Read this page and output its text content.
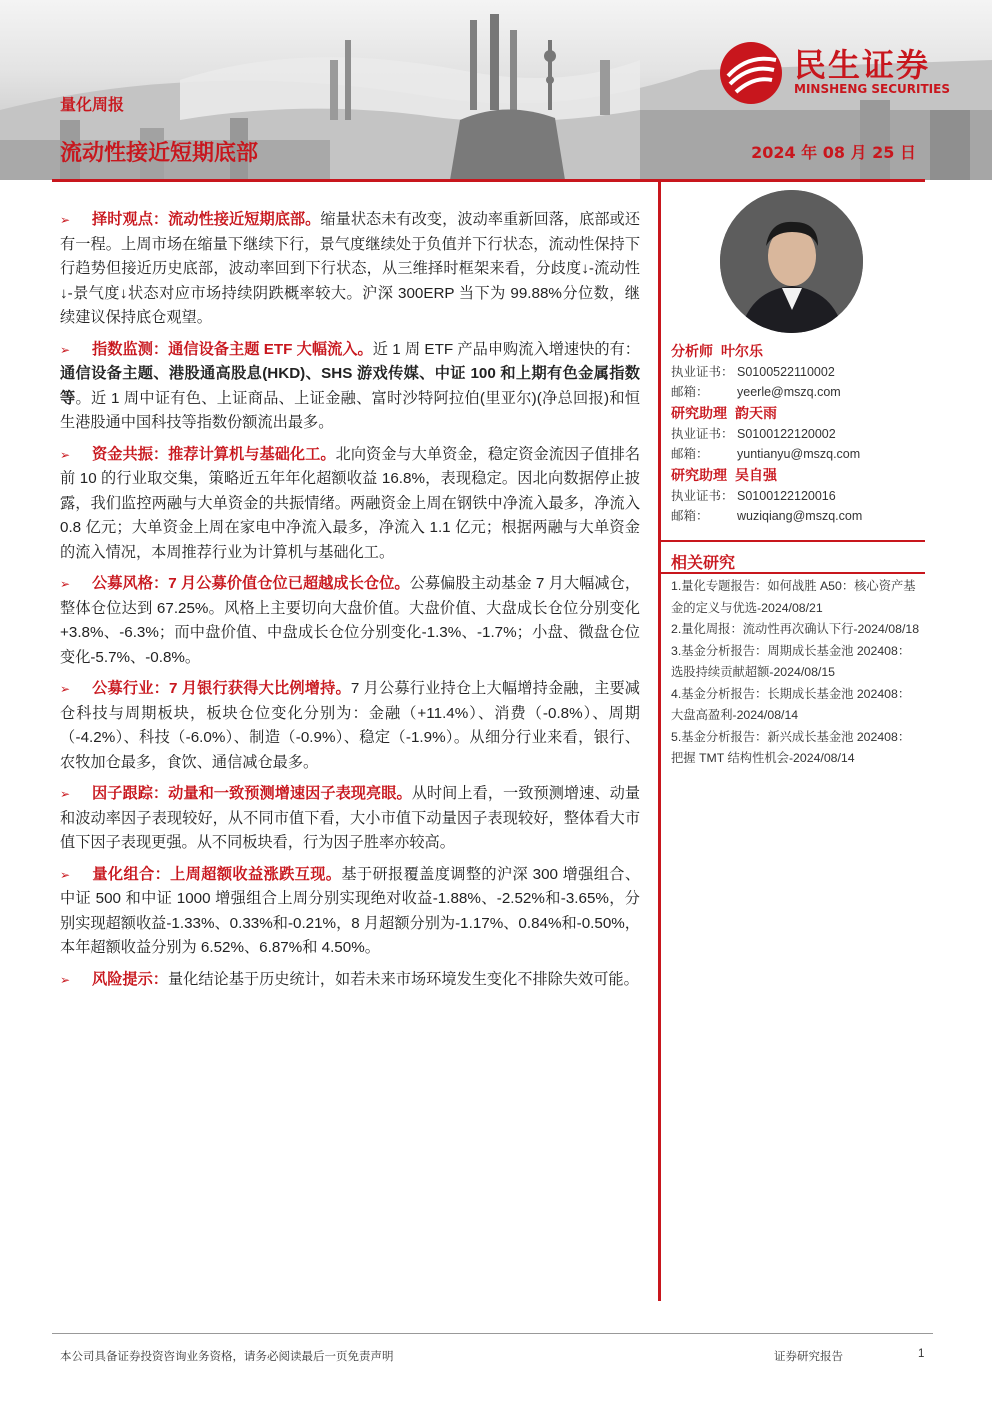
量化周报
流动性接近短期底部	2024 年 08 月 25 日
民生证券
MINSHENG SECURITIES

➢ 择时观点：流动性接近短期底部。缩量状态未有改变，波动率重新回落，底部或还有一程。上周市场在缩量下继续下行，景气度继续处于负值并下行状态，流动性保持下行趋势但接近历史底部，波动率回到下行状态，从三维择时框架来看，分歧度↓-流动性↓-景气度↓状态对应市场持续阴跌概率较大。沪深 300ERP 当下为 99.88%分位数，继续建议保持底仓观望。

➢ 指数监测：通信设备主题 ETF 大幅流入。近 1 周 ETF 产品申购流入增速快的有：通信设备主题、港股通高股息(HKD)、SHS 游戏传媒、中证 100 和上期有色金属指数等。近 1 周中证有色、上证商品、上证金融、富时沙特阿拉伯(里亚尔)(净总回报)和恒生港股通中国科技等指数份额流出最多。

➢ 资金共振：推荐计算机与基础化工。北向资金与大单资金，稳定资金流因子值排名前 10 的行业取交集，策略近五年年化超额收益 16.8%，表现稳定。因北向数据停止披露，我们监控两融与大单资金的共振情绪。两融资金上周在钢铁中净流入最多，净流入 0.8 亿元；大单资金上周在家电中净流入最多，净流入 1.1 亿元；根据两融与大单资金的流入情况，本周推荐行业为计算机与基础化工。

➢ 公募风格：7 月公募价值仓位已超越成长仓位。公募偏股主动基金 7 月大幅减仓，整体仓位达到 67.25%。风格上主要切向大盘价值。大盘价值、大盘成长仓位分别变化+3.8%、-6.3%；而中盘价值、中盘成长仓位分别变化-1.3%、-1.7%；小盘、微盘仓位变化-5.7%、-0.8%。

➢ 公募行业：7 月银行获得大比例增持。7 月公募行业持仓上大幅增持金融，主要减仓科技与周期板块，板块仓位变化分别为：金融（+11.4%）、消费（-0.8%）、周期（-4.2%）、科技（-6.0%）、制造（-0.9%）、稳定（-1.9%）。从细分行业来看，银行、农牧加仓最多，食饮、通信减仓最多。

➢ 因子跟踪：动量和一致预测增速因子表现亮眼。从时间上看，一致预测增速、动量和波动率因子表现较好，从不同市值下看，大小市值下动量因子表现较好，整体看大市值下因子表现更强。从不同板块看，行为因子胜率亦较高。

➢ 量化组合：上周超额收益涨跌互现。基于研报覆盖度调整的沪深 300 增强组合、中证 500 和中证 1000 增强组合上周分别实现绝对收益-1.88%、-2.52%和-3.65%，分别实现超额收益-1.33%、0.33%和-0.21%，8 月超额分别为-1.17%、0.84%和-0.50%，本年超额收益分别为 6.52%、6.87%和 4.50%。

➢ 风险提示：量化结论基于历史统计，如若未来市场环境发生变化不排除失效可能。

分析师 叶尔乐
执业证书： S0100522110002
邮箱： yeerle@mszq.com
研究助理 韵天雨
执业证书： S0100122120002
邮箱： yuntianyu@mszq.com
研究助理 吴自强
执业证书： S0100122120016
邮箱： wuziqiang@mszq.com
相关研究
1.量化专题报告：如何战胜 A50：核心资产基金的定义与优选-2024/08/21
2.量化周报：流动性再次确认下行-2024/08/18
3.基金分析报告：周期成长基金池 202408：选股持续贡献超额-2024/08/15
4.基金分析报告：长期成长基金池 202408：大盘高盈利-2024/08/14
5.基金分析报告：新兴成长基金池 202408：把握 TMT 结构性机会-2024/08/14
本公司具备证券投资咨询业务资格，请务必阅读最后一页免责声明	证券研究报告	1
